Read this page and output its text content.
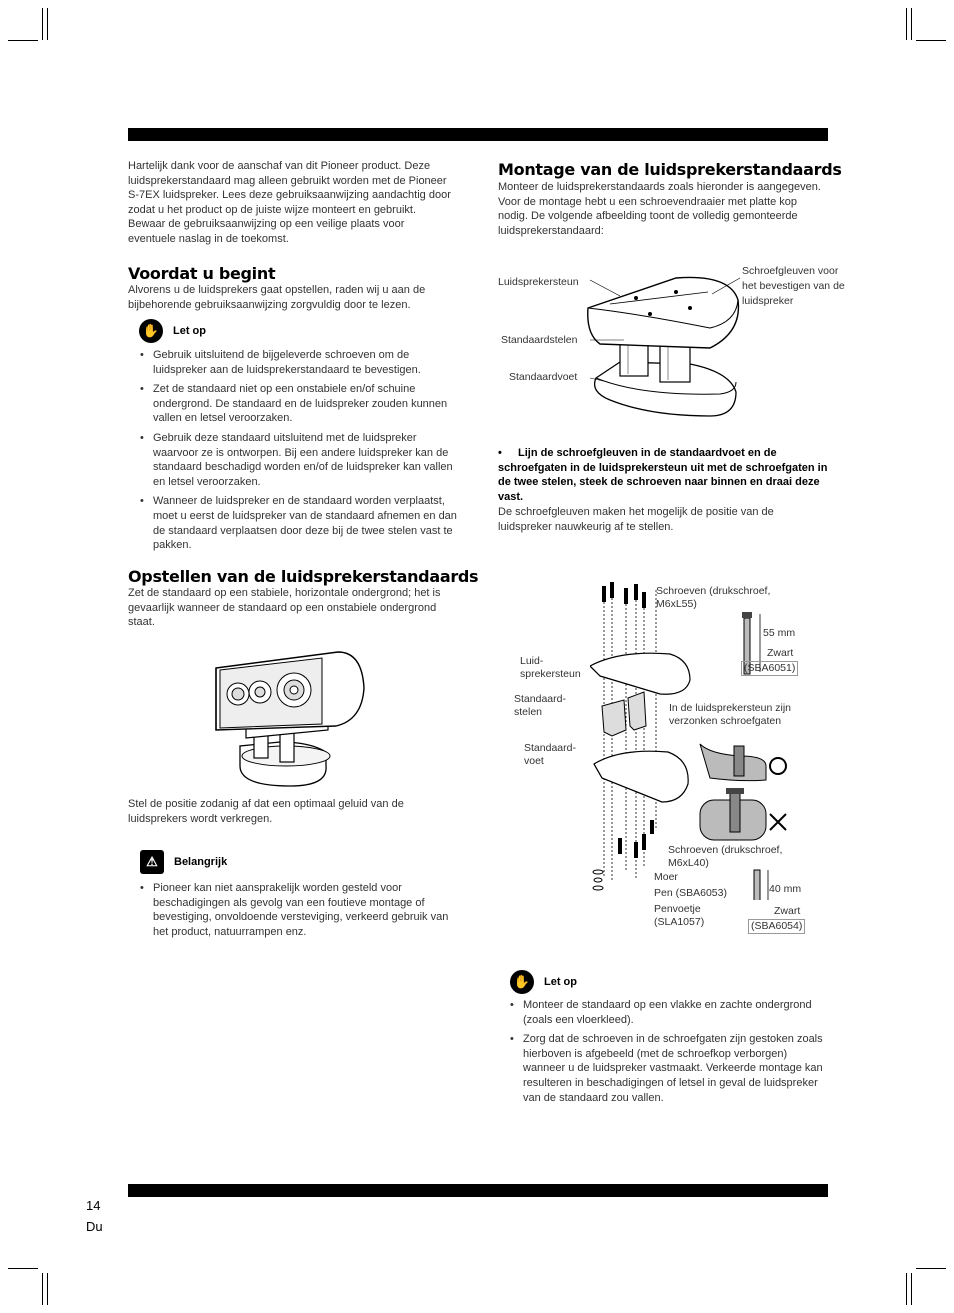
Hartelijk dank voor de aanschaf van dit Pioneer product. Deze luidsprekerstandaard mag alleen gebruikt worden met de Pioneer S-7EX luidspreker. Lees deze gebruiksaanwijzing aandachtig door zodat u het product op de juiste wijze monteert en gebruikt. Bewaar de gebruiksaanwijzing op een veilige plaats voor eventuele naslag in de toekomst.
Voordat u begint
Alvorens u de luidsprekers gaat opstellen, raden wij u aan de bijbehorende gebruiksaanwijzing zorgvuldig door te lezen.
✋	Let op
• Gebruik uitsluitend de bijgeleverde schroeven om de luidspreker aan de luidsprekerstandaard te bevestigen.
• Zet de standaard niet op een onstabiele en/of schuine ondergrond. De standaard en de luidspreker zouden kunnen vallen en letsel veroorzaken.
• Gebruik deze standaard uitsluitend met de luidspreker waarvoor ze is ontworpen. Bij een andere luidspreker kan de standaard beschadigd worden en/of de luidspreker kan vallen en letsel veroorzaken.
• Wanneer de luidspreker en de standaard worden verplaatst, moet u eerst de luidspreker van de standaard afnemen en dan de standaard verplaatsen door deze bij de twee stelen vast te pakken.
Opstellen van de luidsprekerstandaards
Zet de standaard op een stabiele, horizontale ondergrond; het is gevaarlijk wanneer de standaard op een onstabiele ondergrond staat.
Stel de positie zodanig af dat een optimaal geluid van de luidsprekers wordt verkregen.
⚠	Belangrijk
• Pioneer kan niet aansprakelijk worden gesteld voor beschadigingen als gevolg van een foutieve montage of bevestiging, onvoldoende versteviging, verkeerd gebruik van het product, natuurrampen enz.
Montage van de luidsprekerstandaards
Monteer de luidsprekerstandaards zoals hieronder is aangegeven. Voor de montage hebt u een schroevendraaier met platte kop nodig. De volgende afbeelding toont de volledig gemonteerde luidsprekerstandaard:
Luidsprekersteun
Schroefgleuven voor het bevestigen van de luidspreker
Standaardstelen
Standaardvoet
• Lijn de schroefgleuven in de standaardvoet en de schroefgaten in de luidsprekersteun uit met de schroefgaten in de twee stelen, steek de schroeven naar binnen en draai deze vast.
De schroefgleuven maken het mogelijk de positie van de luidspreker nauwkeurig af te stellen.
Schroeven (drukschroef, M6xL55)
55 mm
Zwart
(SBA6051)
Luid-
sprekersteun
Standaard-
stelen	In de luidsprekersteun zijn verzonken schroefgaten
Standaard-
voet
Schroeven (drukschroef, M6xL40)
Moer
Pen (SBA6053)
Penvoetje
(SLA1057)
40 mm
Zwart
(SBA6054)
✋	Let op
• Monteer de standaard op een vlakke en zachte ondergrond (zoals een vloerkleed).
• Zorg dat de schroeven in de schroefgaten zijn gestoken zoals hierboven is afgebeeld (met de schroefkop verborgen) wanneer u de luidspreker vastmaakt. Verkeerde montage kan resulteren in beschadigingen of letsel in geval de luidspreker van de standaard zou vallen.
14
Du
